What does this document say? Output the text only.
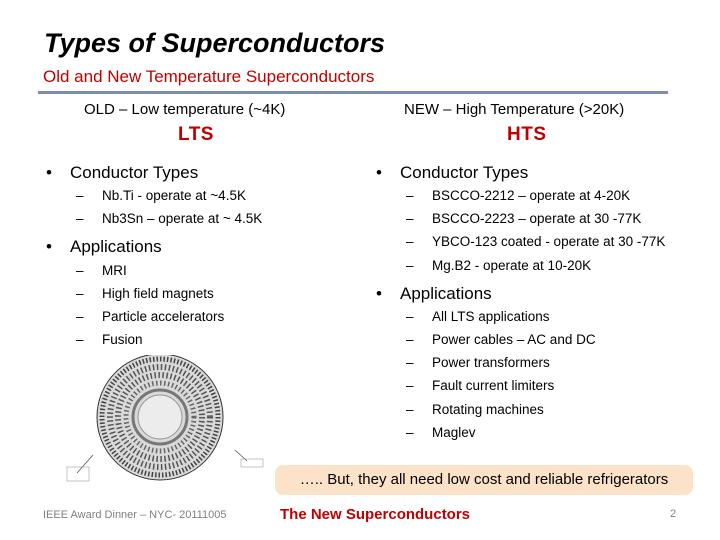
Types of Superconductors
Old and New Temperature Superconductors
OLD – Low temperature (~4K)
LTS
• Conductor Types
– Nb.Ti - operate at ~4.5K
– Nb3Sn – operate at ~ 4.5K
• Applications
– MRI
– High field magnets
– Particle accelerators
– Fusion
NEW – High Temperature (>20K)
HTS
• Conductor Types
– BSCCO-2212 – operate at 4-20K
– BSCCO-2223 – operate at 30 -77K
– YBCO-123 coated - operate at 30 -77K
– Mg.B2 - operate at 10-20K
• Applications
– All LTS applications
– Power cables – AC and DC
– Power transformers
– Fault current limiters
– Rotating machines
– Maglev
….. But, they all need low cost and reliable refrigerators
IEEE Award Dinner – NYC- 20111005	The New Superconductors	2
